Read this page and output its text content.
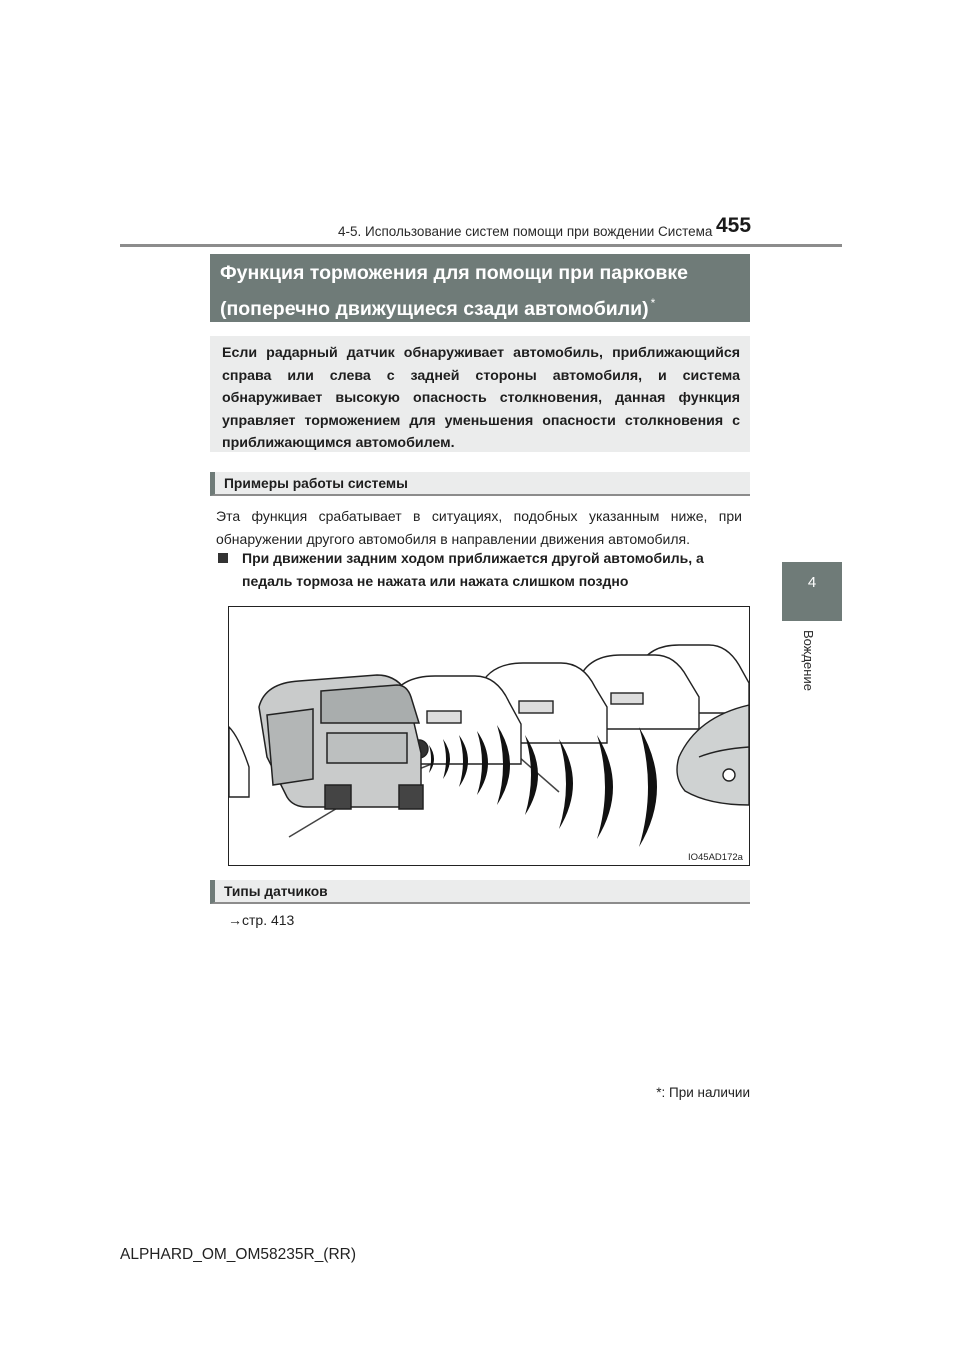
4-5. Использование систем помощи при вождении Система 455
4
Вождение
Функция торможения для помощи при парковке
(поперечно движущиеся сзади автомобили) *
Если радарный датчик обнаруживает автомобиль, приближающийся справа или слева с задней стороны автомобиля, и система обнаруживает высокую опасность столкновения, данная функция управляет торможением для уменьшения опасности столкновения с приближающимся автомобилем.
Примеры работы системы
Эта функция срабатывает в ситуациях, подобных указанным ниже, при обнаружении другого автомобиля в направлении движения автомобиля.
При движении задним ходом приближается другой автомобиль, а педаль тормоза не нажата или нажата слишком поздно
IO45AD172a
Типы датчиков
→стр. 413
*: При наличии
ALPHARD_OM_OM58235R_(RR)
